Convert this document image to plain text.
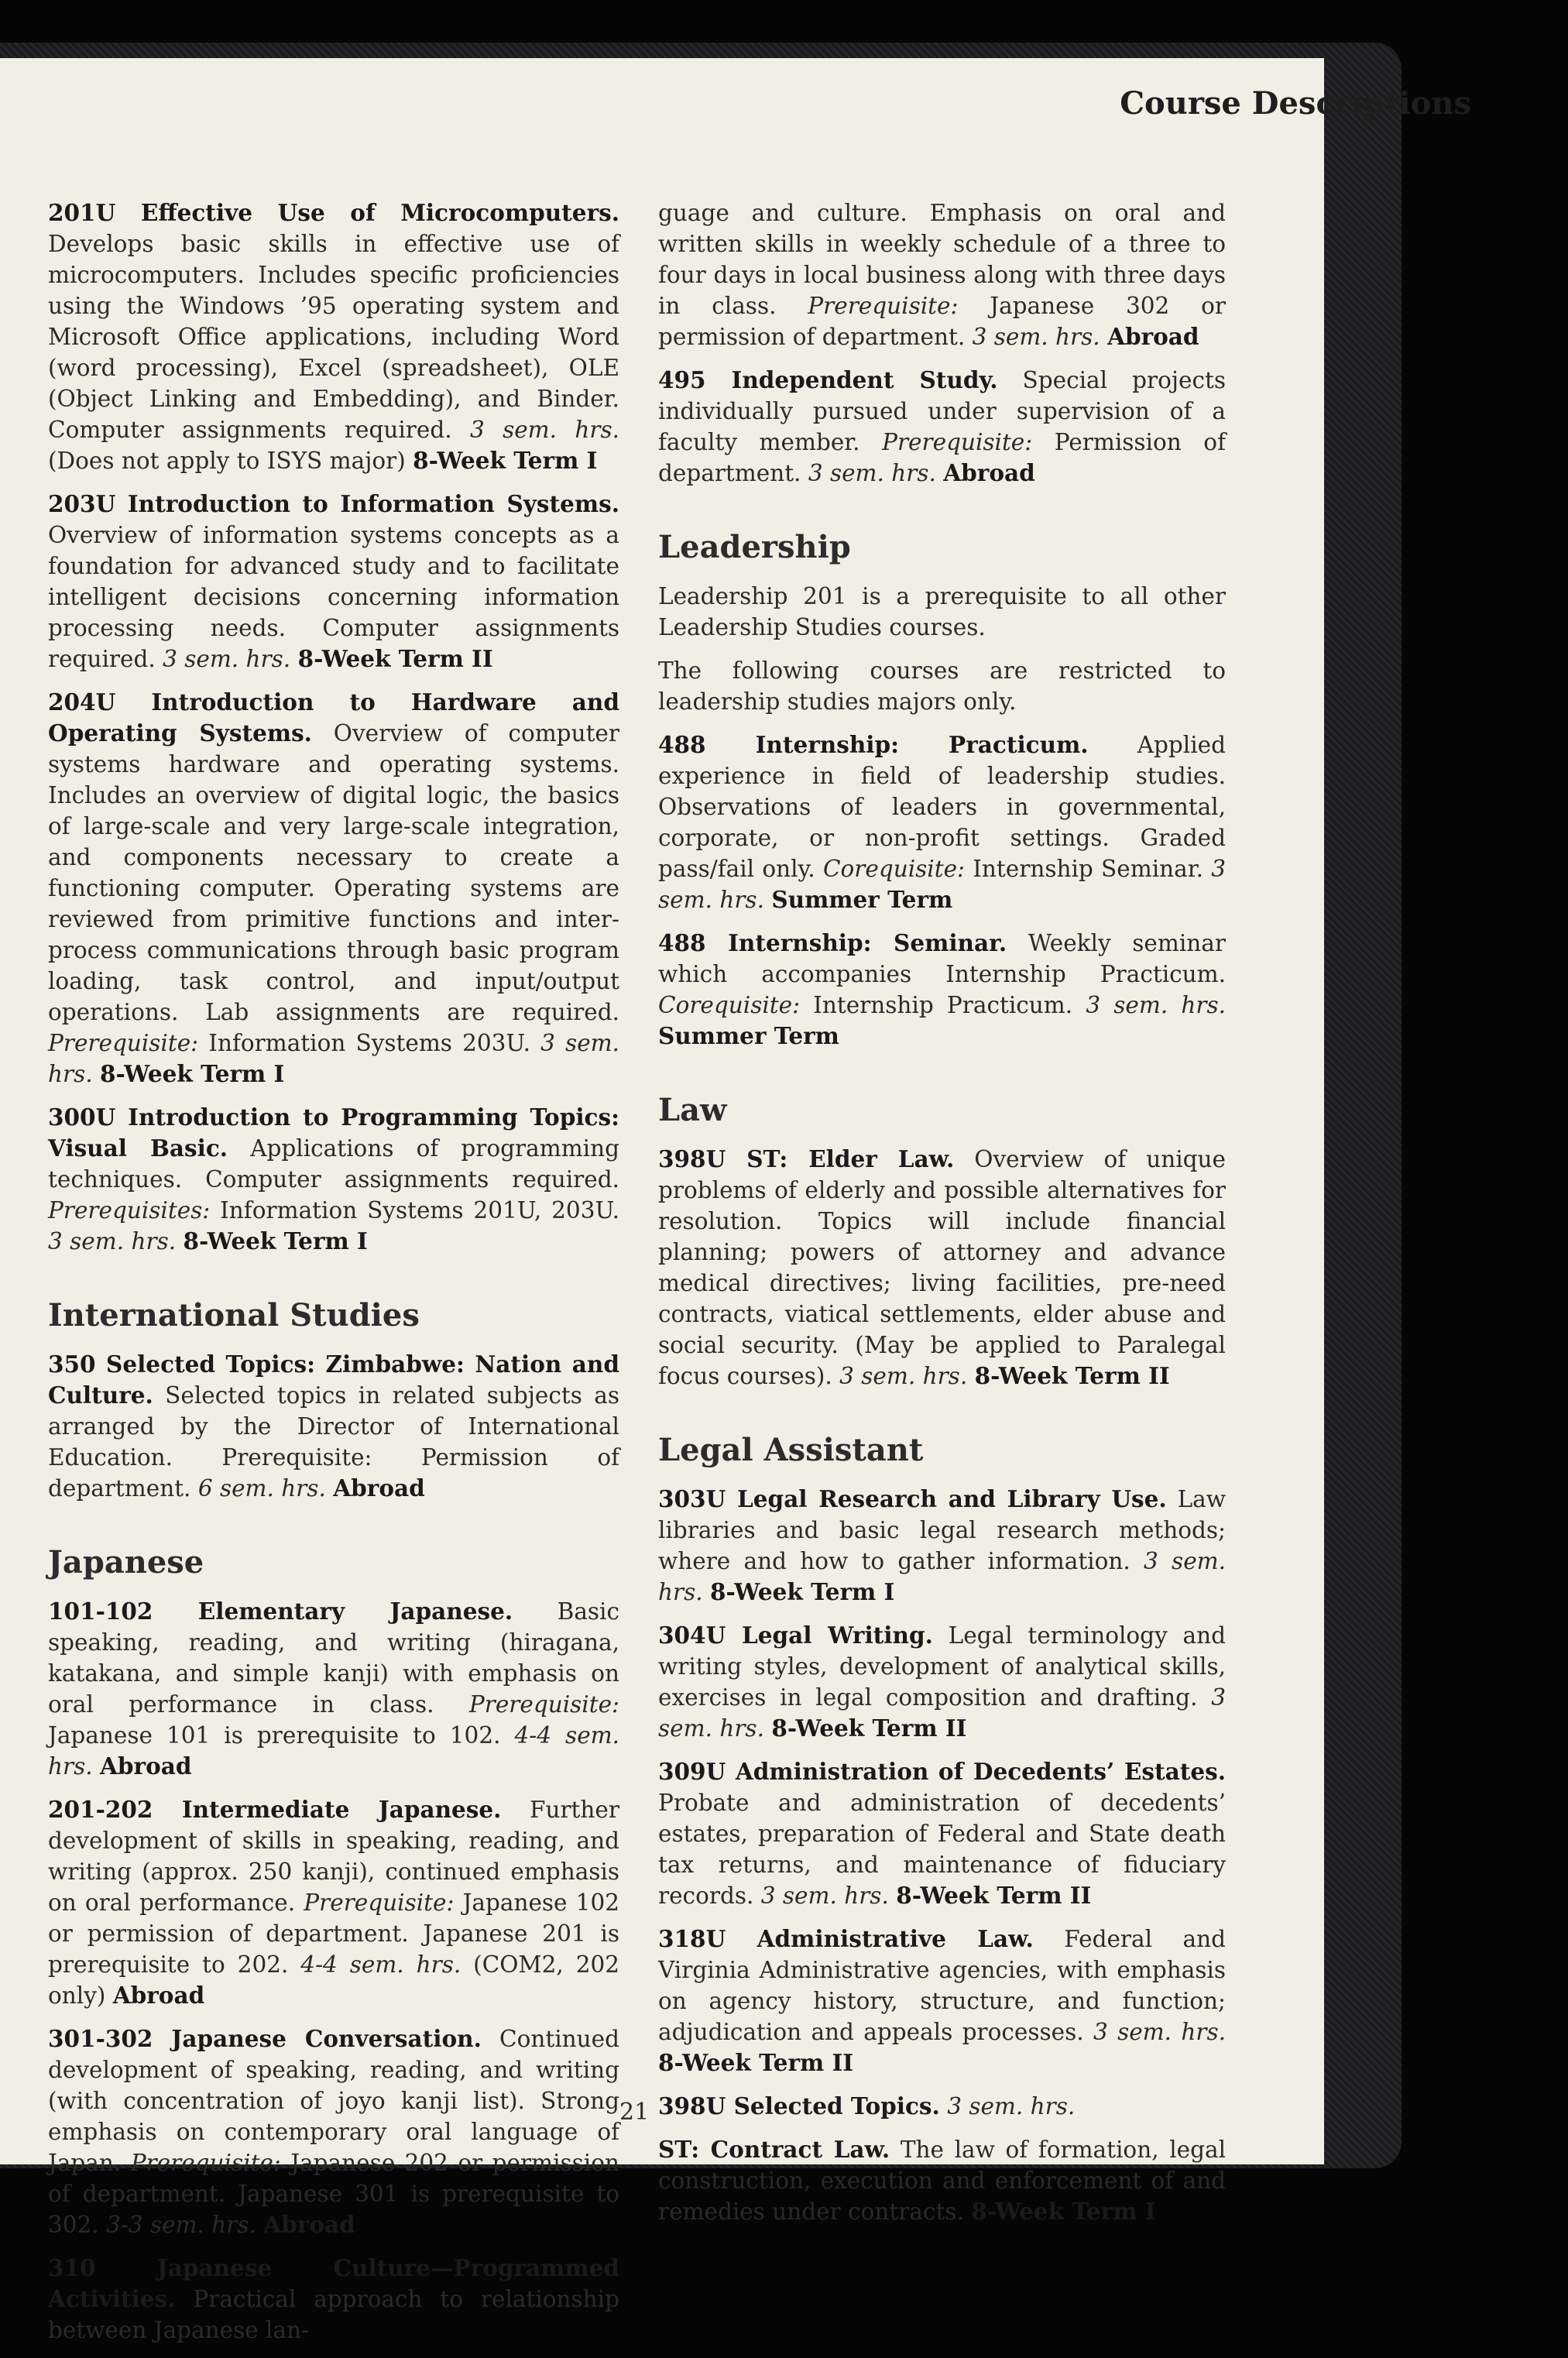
Course Descriptions

201U Effective Use of Microcomputers. Develops basic skills in effective use of microcomputers. Includes specific proficiencies using the Windows ’95 operating system and Microsoft Office applications, including Word (word processing), Excel (spreadsheet), OLE (Object Linking and Embedding), and Binder. Computer assignments required. 3 sem. hrs. (Does not apply to ISYS major) 8-Week Term I

203U Introduction to Information Systems. Overview of information systems concepts as a foundation for advanced study and to facilitate intelligent decisions concerning information processing needs. Computer assignments required. 3 sem. hrs. 8-Week Term II

204U Introduction to Hardware and Operating Systems. Overview of computer systems hardware and operating systems. Includes an overview of digital logic, the basics of large-scale and very large-scale integration, and components necessary to create a functioning computer. Operating systems are reviewed from primitive functions and inter-process communications through basic program loading, task control, and input/output operations. Lab assignments are required. Prerequisite: Information Systems 203U. 3 sem. hrs. 8-Week Term I

300U Introduction to Programming Topics: Visual Basic. Applications of programming techniques. Computer assignments required. Prerequisites: Information Systems 201U, 203U. 3 sem. hrs. 8-Week Term I

International Studies

350 Selected Topics: Zimbabwe: Nation and Culture. Selected topics in related subjects as arranged by the Director of International Education. Prerequisite: Permission of department. 6 sem. hrs. Abroad

Japanese

101-102 Elementary Japanese. Basic speaking, reading, and writing (hiragana, katakana, and simple kanji) with emphasis on oral performance in class. Prerequisite: Japanese 101 is prerequisite to 102. 4-4 sem. hrs. Abroad

201-202 Intermediate Japanese. Further development of skills in speaking, reading, and writing (approx. 250 kanji), continued emphasis on oral performance. Prerequisite: Japanese 102 or permission of department. Japanese 201 is prerequisite to 202. 4-4 sem. hrs. (COM2, 202 only) Abroad

301-302 Japanese Conversation. Continued development of speaking, reading, and writing (with concentration of joyo kanji list). Strong emphasis on contemporary oral language of Japan. Prerequisite: Japanese 202 or permission of department. Japanese 301 is prerequisite to 302. 3-3 sem. hrs. Abroad

310 Japanese Culture—Programmed Activities. Practical approach to relationship between Japanese lan-

guage and culture. Emphasis on oral and written skills in weekly schedule of a three to four days in local business along with three days in class. Prerequisite: Japanese 302 or permission of department. 3 sem. hrs. Abroad

495 Independent Study. Special projects individually pursued under supervision of a faculty member. Prerequisite: Permission of department. 3 sem. hrs. Abroad

Leadership

Leadership 201 is a prerequisite to all other Leadership Studies courses.

The following courses are restricted to leadership studies majors only.

488 Internship: Practicum. Applied experience in field of leadership studies. Observations of leaders in governmental, corporate, or non-profit settings. Graded pass/fail only. Corequisite: Internship Seminar. 3 sem. hrs. Summer Term

488 Internship: Seminar. Weekly seminar which accompanies Internship Practicum. Corequisite: Internship Practicum. 3 sem. hrs. Summer Term

Law

398U ST: Elder Law. Overview of unique problems of elderly and possible alternatives for resolution. Topics will include financial planning; powers of attorney and advance medical directives; living facilities, pre-need contracts, viatical settlements, elder abuse and social security. (May be applied to Paralegal focus courses). 3 sem. hrs. 8-Week Term II

Legal Assistant

303U Legal Research and Library Use. Law libraries and basic legal research methods; where and how to gather information. 3 sem. hrs. 8-Week Term I

304U Legal Writing. Legal terminology and writing styles, development of analytical skills, exercises in legal composition and drafting. 3 sem. hrs. 8-Week Term II

309U Administration of Decedents’ Estates. Probate and administration of decedents’ estates, preparation of Federal and State death tax returns, and maintenance of fiduciary records. 3 sem. hrs. 8-Week Term II

318U Administrative Law. Federal and Virginia Administrative agencies, with emphasis on agency history, structure, and function; adjudication and appeals processes. 3 sem. hrs. 8-Week Term II

398U Selected Topics. 3 sem. hrs.

ST: Contract Law. The law of formation, legal construction, execution and enforcement of and remedies under contracts. 8-Week Term I

21
